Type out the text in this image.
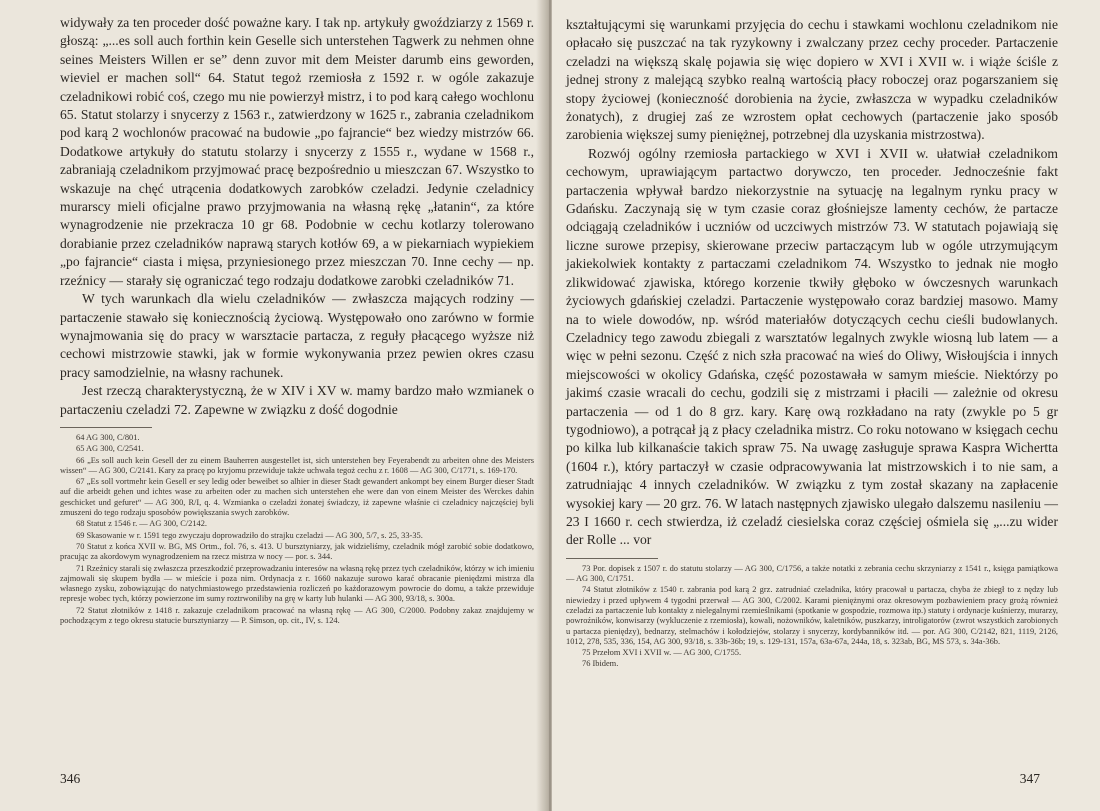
widywały za ten proceder dość poważne kary. I tak np. artykuły gwoździarzy z 1569 r. głoszą: „...es soll auch forthin kein Geselle sich unterstehen Tagwerk zu nehmen ohne seines Meisters Willen er se” denn zuvor mit dem Meister darumb eins geworden, wieviel er machen soll“ 64. Statut tegoż rzemiosła z 1592 r. w ogóle zakazuje czeladnikowi robić coś, czego mu nie powierzył mistrz, i to pod karą całego wochlonu 65. Statut stolarzy i snycerzy z 1563 r., zatwierdzony w 1625 r., zabrania czeladnikom pod karą 2 wochlonów pracować na budowie „po fajrancie“ bez wiedzy mistrzów 66. Dodatkowe artykuły do statutu stolarzy i snycerzy z 1555 r., wydane w 1568 r., zabraniają czeladnikom przyjmować pracę bezpośrednio u mieszczan 67. Wszystko to wskazuje na chęć utrącenia dodatkowych zarobków czeladzi. Jedynie czeladnicy murarscy mieli oficjalne prawo przyjmowania na własną rękę „łatanin“, za które wynagrodzenie nie przekracza 10 gr 68. Podobnie w cechu kotlarzy tolerowano dorabianie przez czeladników naprawą starych kotłów 69, a w piekarniach wypiekiem „po fajrancie“ ciasta i mięsa, przyniesionego przez mieszczan 70. Inne cechy — np. rzeźnicy — starały się ograniczać tego rodzaju dodatkowe zarobki czeladników 71.

W tych warunkach dla wielu czeladników — zwłaszcza mających rodziny — partaczenie stawało się koniecznością życiową. Występowało ono zarówno w formie wynajmowania się do pracy w warsztacie partacza, z reguły płacącego wyższe niż cechowi mistrzowie stawki, jak w formie wykonywania przez pewien okres czasu pracy samodzielnie, na własny rachunek.

Jest rzeczą charakterystyczną, że w XIV i XV w. mamy bardzo mało wzmianek o partaczeniu czeladzi 72. Zapewne w związku z dość dogodnie

64 AG 300, C/801.

65 AG 300, C/2541.

66 „Es soll auch kein Gesell der zu einem Bauherren ausgestellet ist, sich unterstehen bey Feyerabendt zu arbeiten ohne des Meisters wissen“ — AG 300, C/2141. Kary za pracę po kryjomu przewiduje także uchwała tegoż cechu z r. 1608 — AG 300, C/1771, s. 169-170.

67 „Es soll vortmehr kein Gesell er sey ledig oder beweibet so alhier in dieser Stadt gewandert ankompt bey einem Burger dieser Stadt auf die arbeidt gehen und ichtes wase zu arbeiten oder zu machen sich unterstehen ehe were dan von einem Meister des Werckes dahin geschicket und gefuret“ — AG 300, R/I, q. 4. Wzmianka o czeladzi żonatej świadczy, iż zapewne właśnie ci czeladnicy najczęściej byli zmuszeni do tego rodzaju sposobów powiększania swych zarobków.

68 Statut z 1546 r. — AG 300, C/2142.

69 Skasowanie w r. 1591 tego zwyczaju doprowadziło do strajku czeladzi — AG 300, 5/7, s. 25, 33-35.

70 Statut z końca XVII w. BG, MS Ortm., fol. 76, s. 413. U bursztyniarzy, jak widzieliśmy, czeladnik mógł zarobić sobie dodatkowo, pracując za akordowym wynagrodzeniem na rzecz mistrza w nocy — por. s. 344.

71 Rzeźnicy starali się zwłaszcza przeszkodzić przeprowadzaniu interesów na własną rękę przez tych czeladników, którzy w ich imieniu zajmowali się skupem bydła — w mieście i poza nim. Ordynacja z r. 1660 nakazuje surowo karać obracanie pieniędzmi mistrza dla własnego zysku, zobowiązując do natychmiastowego przedstawienia rozliczeń po każdorazowym powrocie do domu, a także przewiduje represje wobec tych, którzy powierzone im sumy roztrwoniliby na grę w karty lub hulanki — AG 300, 93/18, s. 300a.

72 Statut złotników z 1418 r. zakazuje czeladnikom pracować na własną rękę — AG 300, C/2000. Podobny zakaz znajdujemy w pochodzącym z tego okresu statucie bursztyniarzy — P. Simson, op. cit., IV, s. 124.

346

kształtującymi się warunkami przyjęcia do cechu i stawkami wochlonu czeladnikom nie opłacało się puszczać na tak ryzykowny i zwalczany przez cechy proceder. Partaczenie czeladzi na większą skalę pojawia się więc dopiero w XVI i XVII w. i wiąże ściśle z jednej strony z malejącą szybko realną wartością płacy roboczej oraz pogarszaniem się stopy życiowej (konieczność dorobienia na życie, zwłaszcza w wypadku czeladników żonatych), z drugiej zaś ze wzrostem opłat cechowych (partaczenie jako sposób zarobienia większej sumy pieniężnej, potrzebnej dla uzyskania mistrzostwa).

Rozwój ogólny rzemiosła partackiego w XVI i XVII w. ułatwiał czeladnikom cechowym, uprawiającym partactwo dorywczo, ten proceder. Jednocześnie fakt partaczenia wpływał bardzo niekorzystnie na sytuację na legalnym rynku pracy w Gdańsku. Zaczynają się w tym czasie coraz głośniejsze lamenty cechów, że partacze odciągają czeladników i uczniów od uczciwych mistrzów 73. W statutach pojawiają się liczne surowe przepisy, skierowane przeciw partaczącym lub w ogóle utrzymującym jakiekolwiek kontakty z partaczami czeladnikom 74. Wszystko to jednak nie mogło zlikwidować zjawiska, którego korzenie tkwiły głęboko w ówczesnych warunkach życiowych gdańskiej czeladzi. Partaczenie występowało coraz bardziej masowo. Mamy na to wiele dowodów, np. wśród materiałów dotyczących cechu cieśli budowlanych. Czeladnicy tego zawodu zbiegali z warsztatów legalnych zwykle wiosną lub latem — a więc w pełni sezonu. Część z nich szła pracować na wieś do Oliwy, Wisłoujścia i innych miejscowości w okolicy Gdańska, część pozostawała w samym mieście. Niektórzy po jakimś czasie wracali do cechu, godzili się z mistrzami i płacili — zależnie od okresu partaczenia — od 1 do 8 grz. kary. Karę ową rozkładano na raty (zwykle po 5 gr tygodniowo), a potrącał ją z płacy czeladnika mistrz. Co roku notowano w księgach cechu po kilka lub kilkanaście takich spraw 75. Na uwagę zasługuje sprawa Kaspra Wichertta (1604 r.), który partaczył w czasie odpracowywania lat mistrzowskich i to nie sam, a zatrudniając 4 innych czeladników. W związku z tym został skazany na zapłacenie wysokiej kary — 20 grz. 76. W latach następnych zjawisko ulegało dalszemu nasileniu — 23 I 1660 r. cech stwierdza, iż czeladź ciesielska coraz częściej ośmiela się „...zu wider der Rolle ... vor

73 Por. dopisek z 1507 r. do statutu stolarzy — AG 300, C/1756, a także notatki z zebrania cechu skrzyniarzy z 1541 r., księga pamiątkowa — AG 300, C/1751.

74 Statut złotników z 1540 r. zabrania pod karą 2 grz. zatrudniać czeladnika, który pracował u partacza, chyba że zbiegł to z nędzy lub niewiedzy i przed upływem 4 tygodni przerwał — AG 300, C/2002. Karami pieniężnymi oraz okresowym pozbawieniem pracy grożą również czeladzi za partaczenie lub kontakty z nielegalnymi rzemieślnikami (spotkanie w gospodzie, rozmowa itp.) statuty i ordynacje kuśnierzy, murarzy, powroźników, konwisarzy (wykluczenie z rzemiosła), kowali, nożowników, kaletników, puszkarzy, introligatorów (zwrot wszystkich zarobionych u partacza pieniędzy), bednarzy, stelmachów i kołodziejów, stolarzy i snycerzy, kordybanników itd. — por. AG 300, C/2142, 821, 1119, 2126, 1012, 278, 535, 336, 154, AG 300, 93/18, s. 33b-36b; 19, s. 129-131, 157a, 63a-67a, 244a, 18, s. 323ab, BG, MS 573, s. 34a-36b.

75 Przełom XVI i XVII w. — AG 300, C/1755.

76 Ibidem.

347
